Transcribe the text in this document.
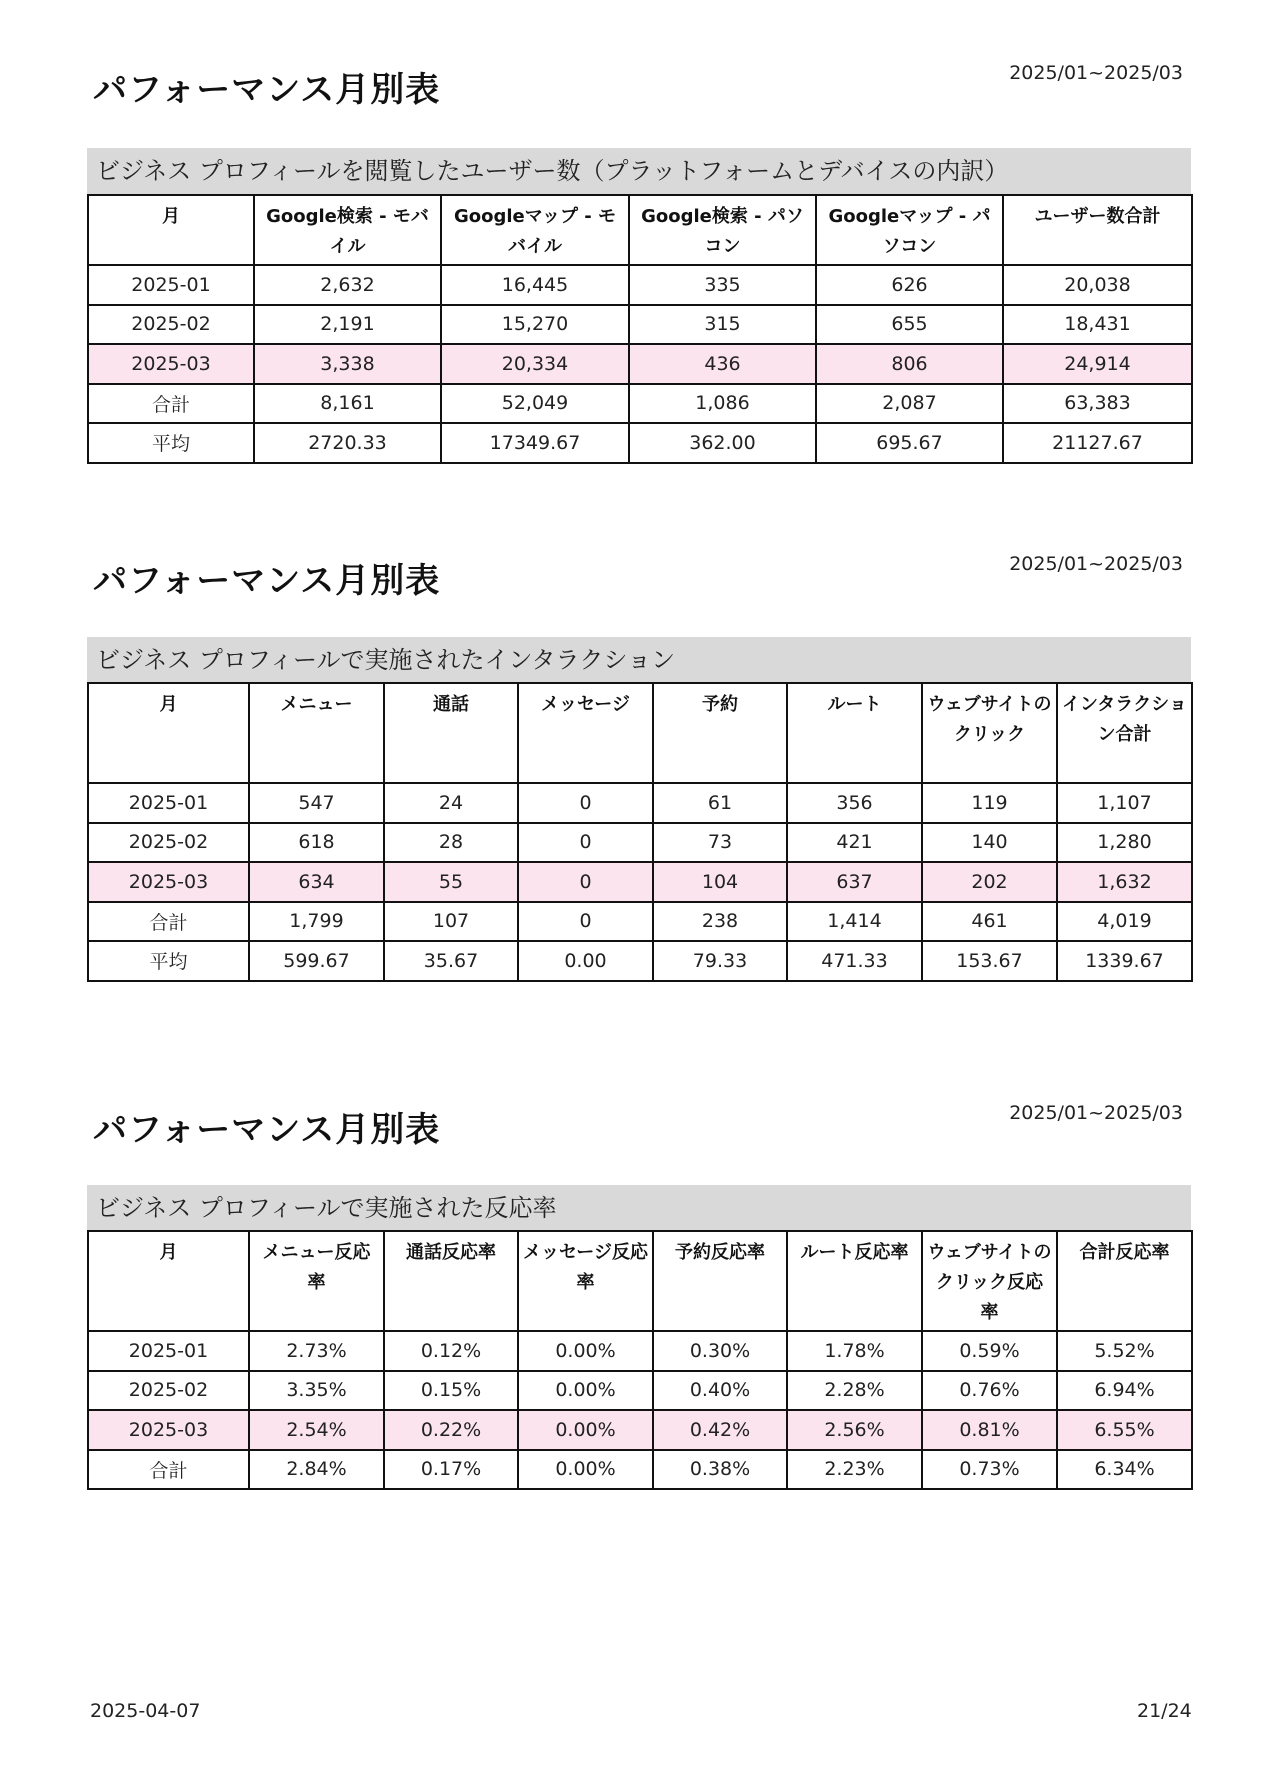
パフォーマンス月別表	2025/01~2025/03
ビジネス プロフィールを閲覧したユーザー数（プラットフォームとデバイスの内訳）
月	Google検索 - モバイル	Googleマップ - モバイル	Google検索 - パソコン	Googleマップ - パソコン	ユーザー数合計
2025-01	2,632	16,445	335	626	20,038
2025-02	2,191	15,270	315	655	18,431
2025-03	3,338	20,334	436	806	24,914
合計	8,161	52,049	1,086	2,087	63,383
平均	2720.33	17349.67	362.00	695.67	21127.67
パフォーマンス月別表	2025/01~2025/03
ビジネス プロフィールで実施されたインタラクション
月	メニュー	通話	メッセージ	予約	ルート	ウェブサイトのクリック	インタラクション合計
2025-01	547	24	0	61	356	119	1,107
2025-02	618	28	0	73	421	140	1,280
2025-03	634	55	0	104	637	202	1,632
合計	1,799	107	0	238	1,414	461	4,019
平均	599.67	35.67	0.00	79.33	471.33	153.67	1339.67
パフォーマンス月別表	2025/01~2025/03
ビジネス プロフィールで実施された反応率
月	メニュー反応率	通話反応率	メッセージ反応率	予約反応率	ルート反応率	ウェブサイトのクリック反応率	合計反応率
2025-01	2.73%	0.12%	0.00%	0.30%	1.78%	0.59%	5.52%
2025-02	3.35%	0.15%	0.00%	0.40%	2.28%	0.76%	6.94%
2025-03	2.54%	0.22%	0.00%	0.42%	2.56%	0.81%	6.55%
合計	2.84%	0.17%	0.00%	0.38%	2.23%	0.73%	6.34%
2025-04-07	21/24
